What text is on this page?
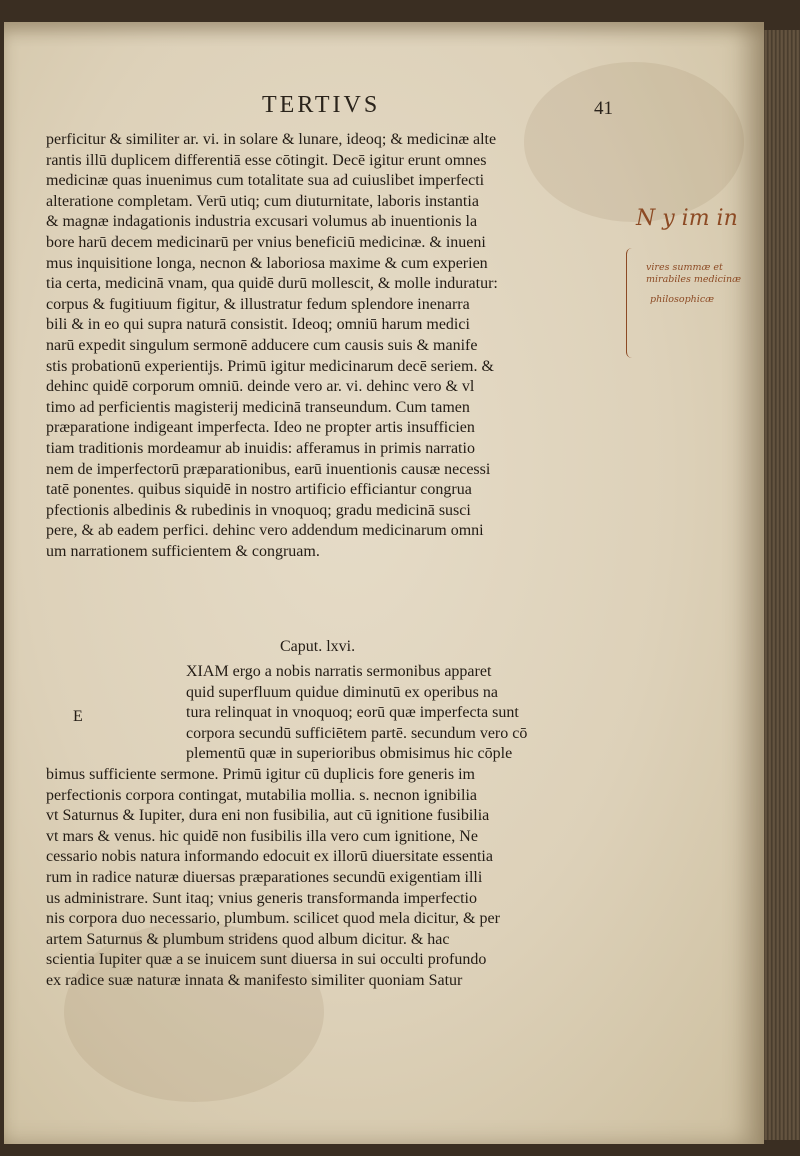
TERTIVS	41
perficitur & similiter ar. vi. in solare & lunare, ideoq; & medicinæ alte
rantis illū duplicem differentiā esse cōtingit. Decē igitur erunt omnes
medicinæ quas inuenimus cum totalitate sua ad cuiuslibet imperfecti
alteratione completam. Verū utiq; cum diuturnitate, laboris instantia
& magnæ indagationis industria excusari volumus ab inuentionis la
bore harū decem medicinarū per vnius beneficiū medicinæ. & inueni
mus inquisitione longa, necnon & laboriosa maxime & cum experien
tia certa, medicinā vnam, qua quidē durū mollescit, & molle induratur:
corpus & fugitiuum figitur, & illustratur fedum splendore inenarra
bili & in eo qui supra naturā consistit. Ideoq; omniū harum medici
narū expedit singulum sermonē adducere cum causis suis & manife
stis probationū experientijs. Primū igitur medicinarum decē seriem. &
dehinc quidē corporum omniū. deinde vero ar. vi. dehinc vero & vl
timo ad perficientis magisterij medicinā transeundum. Cum tamen
præparatione indigeant imperfecta. Ideo ne propter artis insufficien
tiam traditionis mordeamur ab inuidis: afferamus in primis narratio
nem de imperfectorū præparationibus, earū inuentionis causæ necessi
tatē ponentes. quibus siquidē in nostro artificio efficiantur congrua
pfectionis albedinis & rubedinis in vnoquoq; gradu medicinā susci
pere, & ab eadem perfici. dehinc vero addendum medicinarum omni
um narrationem sufficientem & congruam.
Caput. lxvi.
E
XIAM ergo a nobis narratis sermonibus apparet
quid superfluum quidue diminutū ex operibus na
tura relinquat in vnoquoq; eorū quæ imperfecta sunt
corpora secundū sufficiētem partē. secundum vero cō
plementū quæ in superioribus obmisimus hic cōple
bimus sufficiente sermone. Primū igitur cū duplicis fore generis im
perfectionis corpora contingat, mutabilia mollia. s. necnon ignibilia
vt Saturnus & Iupiter, dura eni non fusibilia, aut cū ignitione fusibilia
vt mars & venus. hic quidē non fusibilis illa vero cum ignitione, Ne
cessario nobis natura informando edocuit ex illorū diuersitate essentia
rum in radice naturæ diuersas præparationes secundū exigentiam illi
us administrare. Sunt itaq; vnius generis transformanda imperfectio
nis corpora duo necessario, plumbum. scilicet quod mela dicitur, & per
artem Saturnus & plumbum stridens quod album dicitur. & hac
scientia Iupiter quæ a se inuicem sunt diuersa in sui occulti profundo
ex radice suæ naturæ innata & manifesto similiter quoniam Satur
N y im in
vires summæ et
mirabiles medicinæ
philosophicæ
